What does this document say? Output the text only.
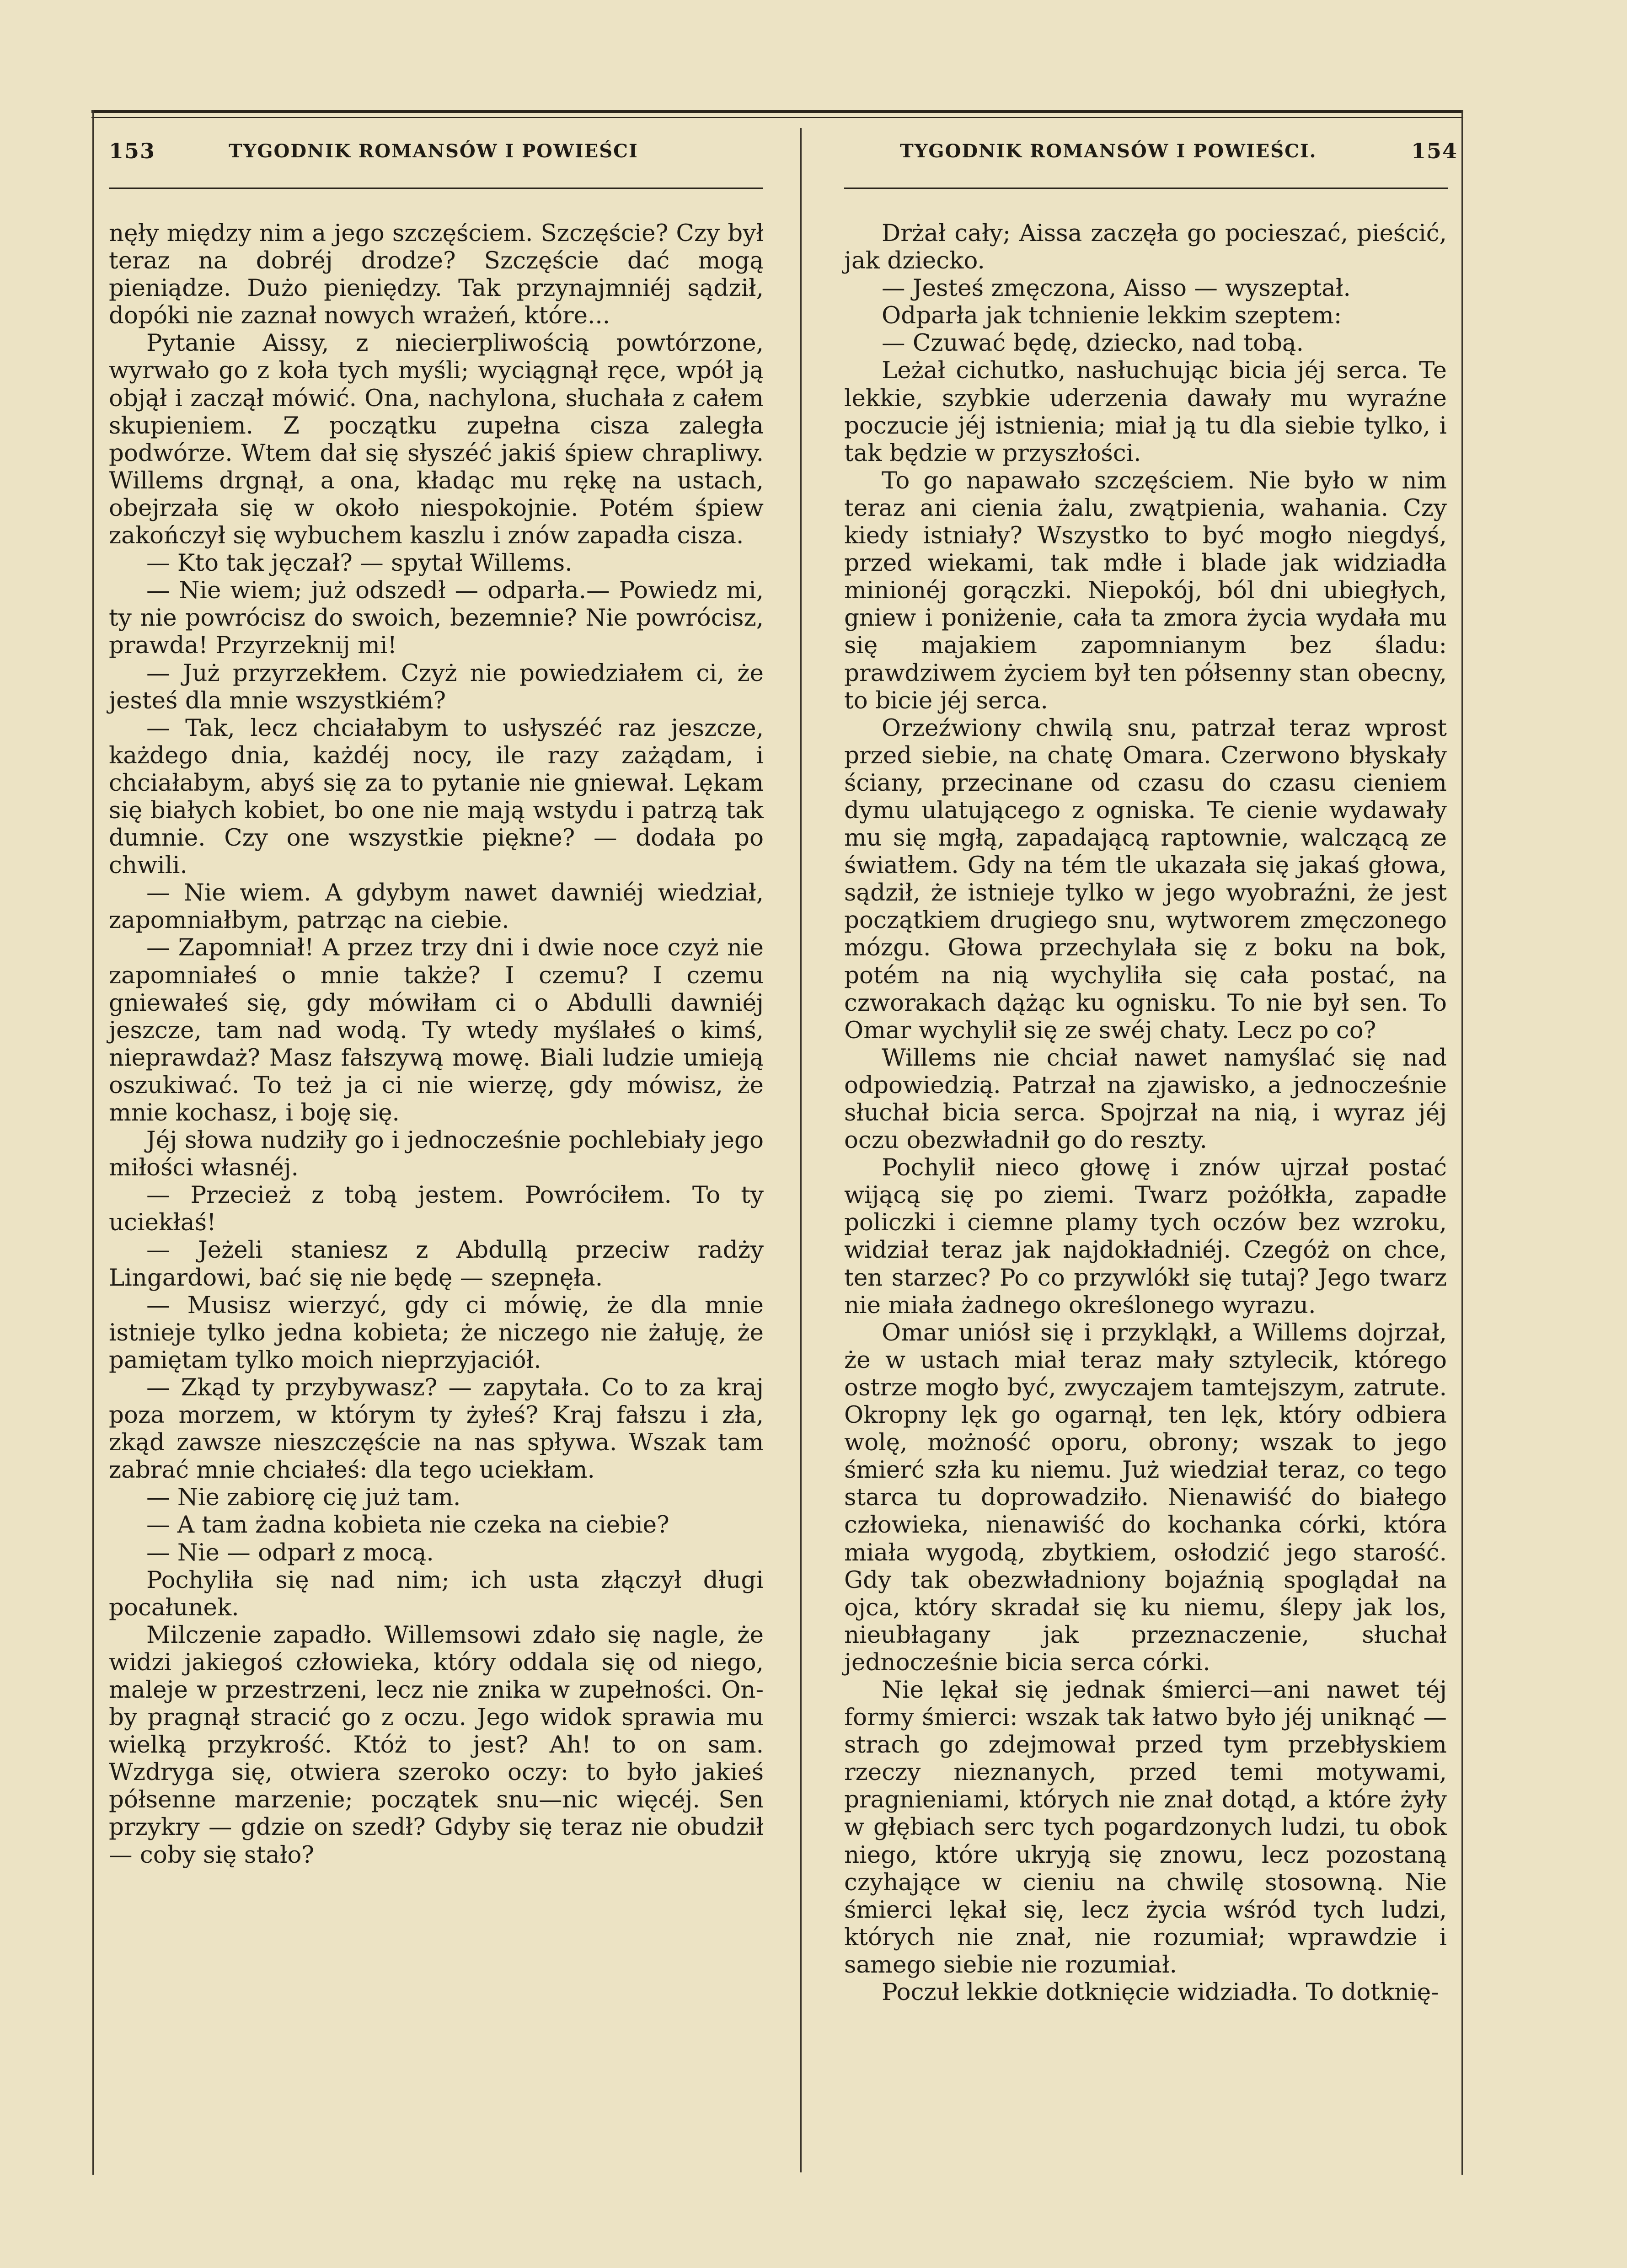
153	TYGODNIK ROMANSÓW I POWIEŚCI	TYGODNIK ROMANSÓW I POWIEŚCI.	154

nęły między nim a jego szczęściem. Szczęście? Czy był teraz na dobréj drodze? Szczęście dać mogą pieniądze. Dużo pieniędzy. Tak przynajmniéj sądził, dopóki nie zaznał nowych wrażeń, które...

Pytanie Aissy, z niecierpliwością powtórzone, wyrwało go z koła tych myśli; wyciągnął ręce, wpół ją objął i zaczął mówić. Ona, nachylona, słuchała z całem skupieniem. Z początku zupełna cisza zaległa podwórze. Wtem dał się słyszéć jakiś śpiew chrapliwy. Willems drgnął, a ona, kładąc mu rękę na ustach, obejrzała się w około niespokojnie. Potém śpiew zakończył się wybuchem kaszlu i znów zapadła cisza.

— Kto tak jęczał? — spytał Willems.

— Nie wiem; już odszedł — odparła.— Powiedz mi, ty nie powrócisz do swoich, bezemnie? Nie powrócisz, prawda! Przyrzeknij mi!

— Już przyrzekłem. Czyż nie powiedziałem ci, że jesteś dla mnie wszystkiém?

— Tak, lecz chciałabym to usłyszéć raz jeszcze, każdego dnia, każdéj nocy, ile razy zażądam, i chciałabym, abyś się za to pytanie nie gniewał. Lękam się białych kobiet, bo one nie mają wstydu i patrzą tak dumnie. Czy one wszystkie piękne? — dodała po chwili.

— Nie wiem. A gdybym nawet dawniéj wiedział, zapomniałbym, patrząc na ciebie.

— Zapomniał! A przez trzy dni i dwie noce czyż nie zapomniałeś o mnie także? I czemu? I czemu gniewałeś się, gdy mówiłam ci o Abdulli dawniéj jeszcze, tam nad wodą. Ty wtedy myślałeś o kimś, nieprawdaż? Masz fałszywą mowę. Biali ludzie umieją oszukiwać. To też ja ci nie wierzę, gdy mówisz, że mnie kochasz, i boję się.

Jéj słowa nudziły go i jednocześnie pochlebiały jego miłości własnéj.

— Przecież z tobą jestem. Powróciłem. To ty uciekłaś!

— Jeżeli staniesz z Abdullą przeciw radży Lingardowi, bać się nie będę — szepnęła.

— Musisz wierzyć, gdy ci mówię, że dla mnie istnieje tylko jedna kobieta; że niczego nie żałuję, że pamiętam tylko moich nieprzyjaciół.

— Zkąd ty przybywasz? — zapytała. Co to za kraj poza morzem, w którym ty żyłeś? Kraj fałszu i zła, zkąd zawsze nieszczęście na nas spływa. Wszak tam zabrać mnie chciałeś: dla tego uciekłam.

— Nie zabiorę cię już tam.

— A tam żadna kobieta nie czeka na ciebie?

— Nie — odparł z mocą.

Pochyliła się nad nim; ich usta złączył długi pocałunek.

Milczenie zapadło. Willemsowi zdało się nagle, że widzi jakiegoś człowieka, który oddala się od niego, maleje w przestrzeni, lecz nie znika w zupełności. On-by pragnął stracić go z oczu. Jego widok sprawia mu wielką przykrość. Któż to jest? Ah! to on sam. Wzdryga się, otwiera szeroko oczy: to było jakieś półsenne marzenie; początek snu—nic więcéj. Sen przykry — gdzie on szedł? Gdyby się teraz nie obudził — coby się stało?

Drżał cały; Aissa zaczęła go pocieszać, pieścić, jak dziecko.

— Jesteś zmęczona, Aisso — wyszeptał.

Odparła jak tchnienie lekkim szeptem:

— Czuwać będę, dziecko, nad tobą.

Leżał cichutko, nasłuchując bicia jéj serca. Te lekkie, szybkie uderzenia dawały mu wyraźne poczucie jéj istnienia; miał ją tu dla siebie tylko, i tak będzie w przyszłości.

To go napawało szczęściem. Nie było w nim teraz ani cienia żalu, zwątpienia, wahania. Czy kiedy istniały? Wszystko to być mogło niegdyś, przed wiekami, tak mdłe i blade jak widziadła minionéj gorączki. Niepokój, ból dni ubiegłych, gniew i poniżenie, cała ta zmora życia wydała mu się majakiem zapomnianym bez śladu: prawdziwem życiem był ten półsenny stan obecny, to bicie jéj serca.

Orzeźwiony chwilą snu, patrzał teraz wprost przed siebie, na chatę Omara. Czerwono błyskały ściany, przecinane od czasu do czasu cieniem dymu ulatującego z ogniska. Te cienie wydawały mu się mgłą, zapadającą raptownie, walczącą ze światłem. Gdy na tém tle ukazała się jakaś głowa, sądził, że istnieje tylko w jego wyobraźni, że jest początkiem drugiego snu, wytworem zmęczonego mózgu. Głowa przechylała się z boku na bok, potém na nią wychyliła się cała postać, na czworakach dążąc ku ognisku. To nie był sen. To Omar wychylił się ze swéj chaty. Lecz po co?

Willems nie chciał nawet namyślać się nad odpowiedzią. Patrzał na zjawisko, a jednocześnie słuchał bicia serca. Spojrzał na nią, i wyraz jéj oczu obezwładnił go do reszty.

Pochylił nieco głowę i znów ujrzał postać wijącą się po ziemi. Twarz pożółkła, zapadłe policzki i ciemne plamy tych oczów bez wzroku, widział teraz jak najdokładniéj. Czegóż on chce, ten starzec? Po co przywlókł się tutaj? Jego twarz nie miała żadnego określonego wyrazu.

Omar uniósł się i przykląkł, a Willems dojrzał, że w ustach miał teraz mały sztylecik, którego ostrze mogło być, zwyczajem tamtejszym, zatrute. Okropny lęk go ogarnął, ten lęk, który odbiera wolę, możność oporu, obrony; wszak to jego śmierć szła ku niemu. Już wiedział teraz, co tego starca tu doprowadziło. Nienawiść do białego człowieka, nienawiść do kochanka córki, która miała wygodą, zbytkiem, osłodzić jego starość. Gdy tak obezwładniony bojaźnią spoglądał na ojca, który skradał się ku niemu, ślepy jak los, nieubłagany jak przeznaczenie, słuchał jednocześnie bicia serca córki.

Nie lękał się jednak śmierci—ani nawet téj formy śmierci: wszak tak łatwo było jéj uniknąć — strach go zdejmował przed tym przebłyskiem rzeczy nieznanych, przed temi motywami, pragnieniami, których nie znał dotąd, a które żyły w głębiach serc tych pogardzonych ludzi, tu obok niego, które ukryją się znowu, lecz pozostaną czyhające w cieniu na chwilę stosowną. Nie śmierci lękał się, lecz życia wśród tych ludzi, których nie znał, nie rozumiał; wprawdzie i samego siebie nie rozumiał.

Poczuł lekkie dotknięcie widziadła. To dotknię-
